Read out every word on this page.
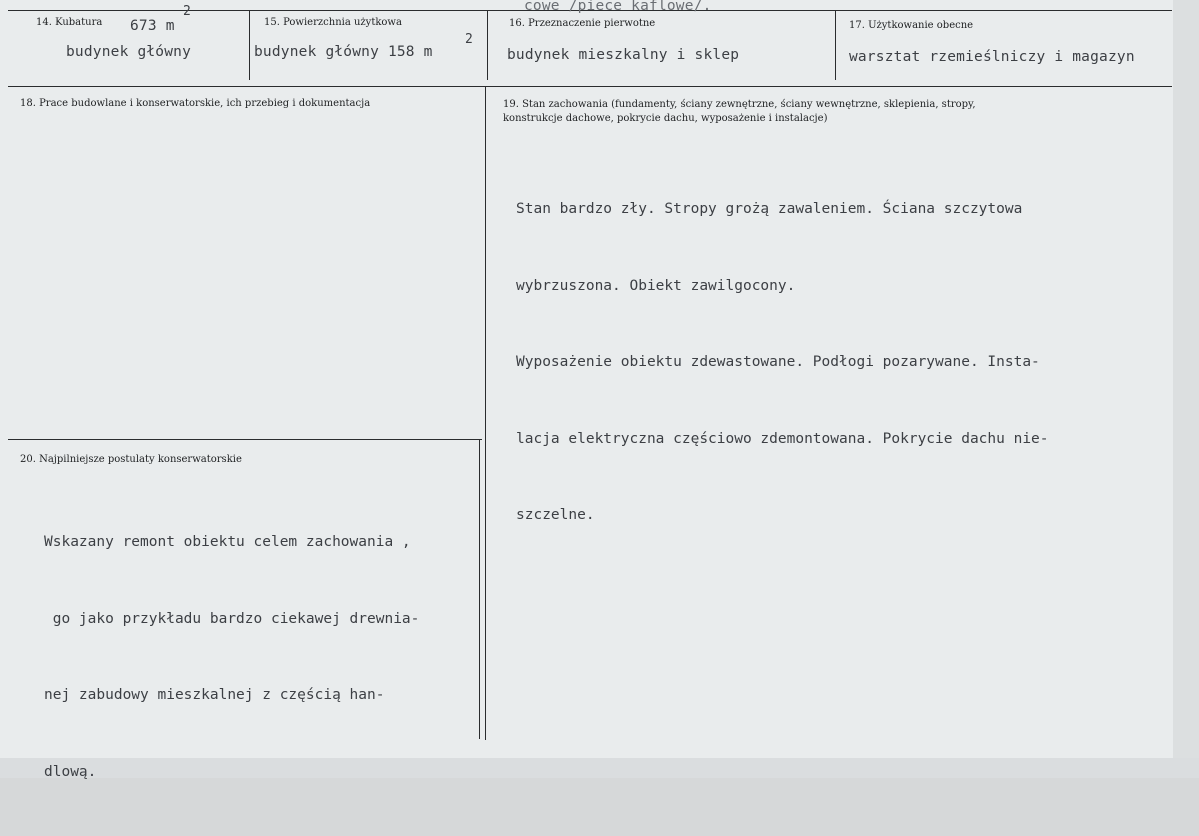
14. Kubatura 673 m
2
budynek główny
15. Powierzchnia użytkowa
budynek główny 158 m
2
cowe /piece kaflowe/.
16. Przeznaczenie pierwotne
budynek mieszkalny i sklep
17. Użytkowanie obecne
warsztat rzemieślniczy i magazyn
18. Prace budowlane i konserwatorskie, ich przebieg i dokumentacja	19. Stan zachowania (fundamenty, ściany zewnętrzne, ściany wewnętrzne, sklepienia, stropy,
konstrukcje dachowe, pokrycie dachu, wyposażenie i instalacje)

Stan bardzo zły. Stropy grożą zawaleniem. Ściana szczytowa

wybrzuszona. Obiekt zawilgocony.

Wyposażenie obiektu zdewastowane. Podłogi pozarywane. Insta-

lacja elektryczna częściowo zdemontowana. Pokrycie dachu nie-

szczelne.

20. Najpilniejsze postulaty konserwatorskie

Wskazany remont obiektu celem zachowania ,

go jako przykładu bardzo ciekawej drewnia-

nej zabudowy mieszkalnej z częścią han-

dlową.
